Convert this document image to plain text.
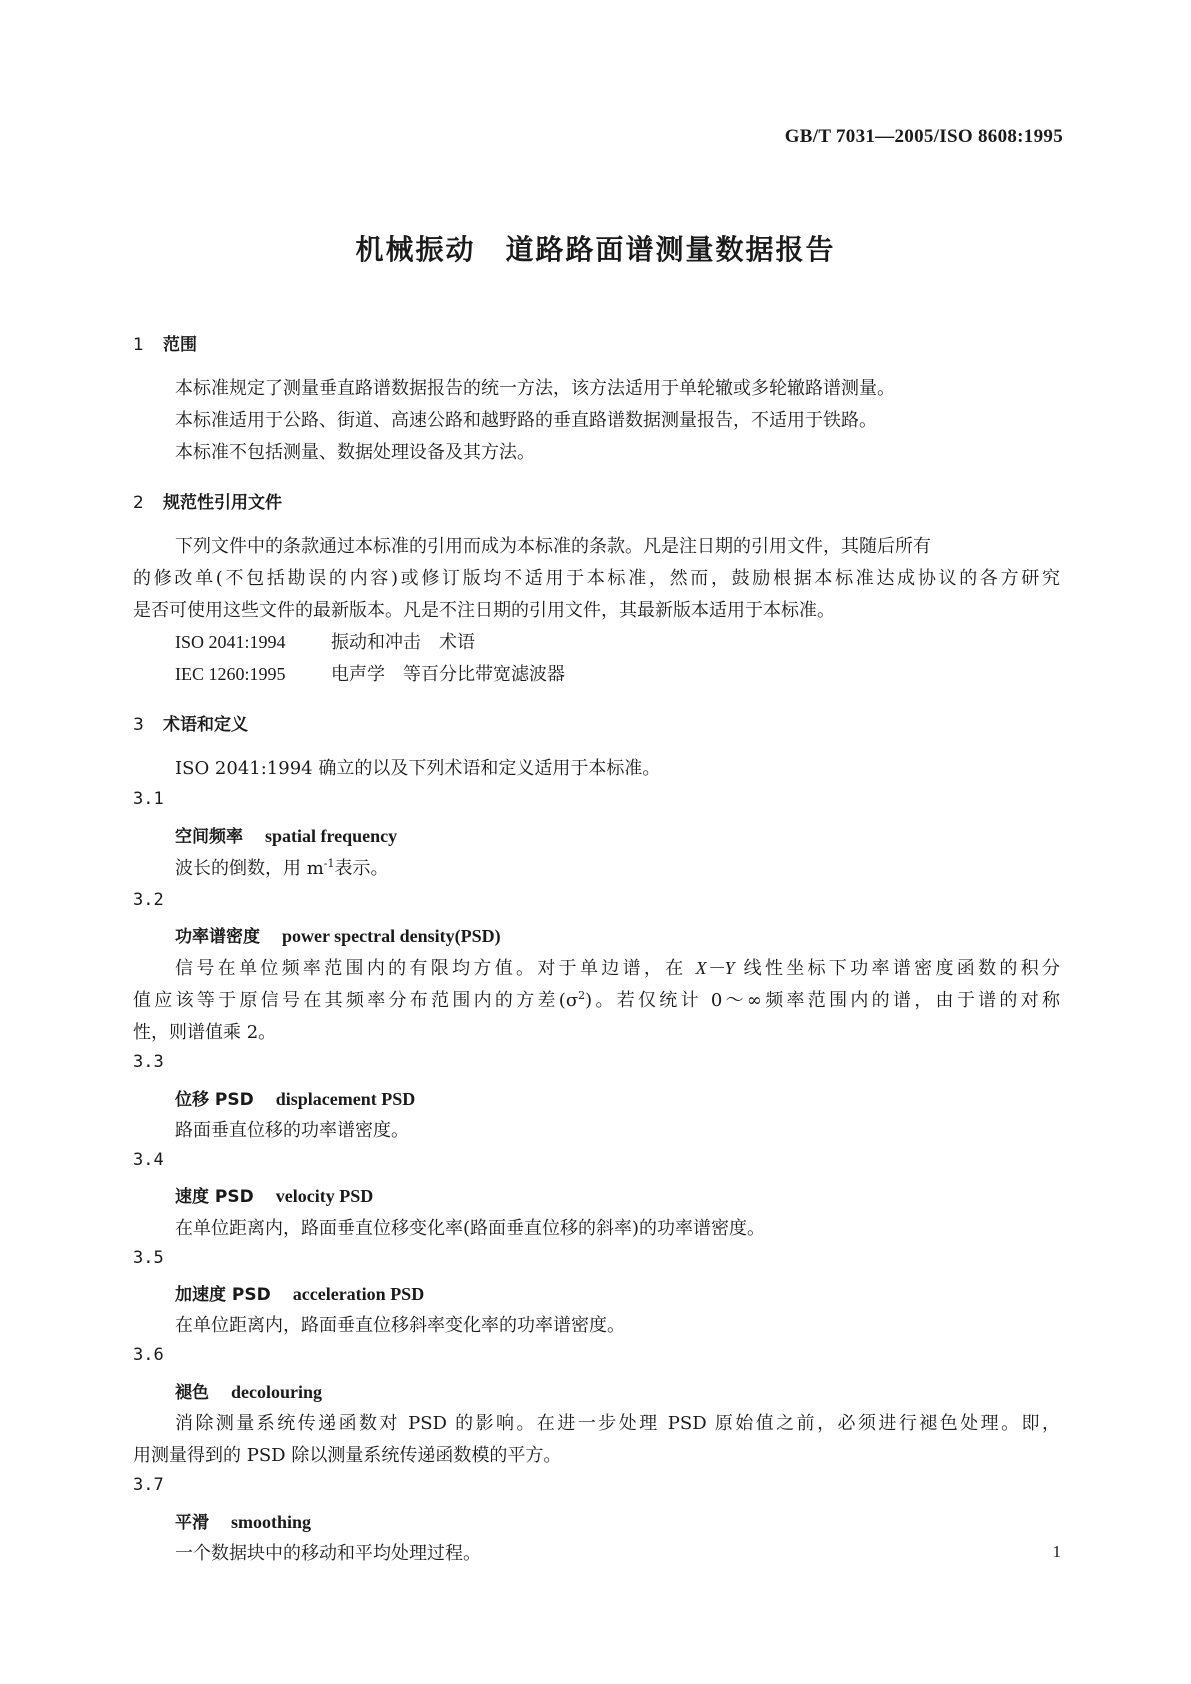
GB/T 7031—2005/ISO 8608:1995
机械振动　道路路面谱测量数据报告
1 范围
本标准规定了测量垂直路谱数据报告的统一方法，该方法适用于单轮辙或多轮辙路谱测量。
本标准适用于公路、街道、高速公路和越野路的垂直路谱数据测量报告，不适用于铁路。
本标准不包括测量、数据处理设备及其方法。
2 规范性引用文件
下列文件中的条款通过本标准的引用而成为本标准的条款。凡是注日期的引用文件，其随后所有
的修改单(不包括勘误的内容)或修订版均不适用于本标准，然而，鼓励根据本标准达成协议的各方研究
是否可使用这些文件的最新版本。凡是不注日期的引用文件，其最新版本适用于本标准。
ISO 2041:1994	振动和冲击　术语
IEC 1260:1995	电声学　等百分比带宽滤波器
3 术语和定义
ISO 2041:1994 确立的以及下列术语和定义适用于本标准。
3.1
空间频率 spatial frequency
波长的倒数，用 $m^{-1}$表示。
3.2
功率谱密度 power spectral density(PSD)
信号在单位频率范围内的有限均方值。对于单边谱，在 X－Y 线性坐标下功率谱密度函数的积分
值应该等于原信号在其频率分布范围内的方差$(\sigma^2)$。若仅统计 0～∞频率范围内的谱，由于谱的对称
性，则谱值乘 2。
3.3
位移 PSD displacement PSD
路面垂直位移的功率谱密度。
3.4
速度 PSD velocity PSD
在单位距离内，路面垂直位移变化率(路面垂直位移的斜率)的功率谱密度。
3.5
加速度 PSD acceleration PSD
在单位距离内，路面垂直位移斜率变化率的功率谱密度。
3.6
褪色 decolouring
消除测量系统传递函数对 PSD 的影响。在进一步处理 PSD 原始值之前，必须进行褪色处理。即，
用测量得到的 PSD 除以测量系统传递函数模的平方。
3.7
平滑 smoothing
一个数据块中的移动和平均处理过程。	1
